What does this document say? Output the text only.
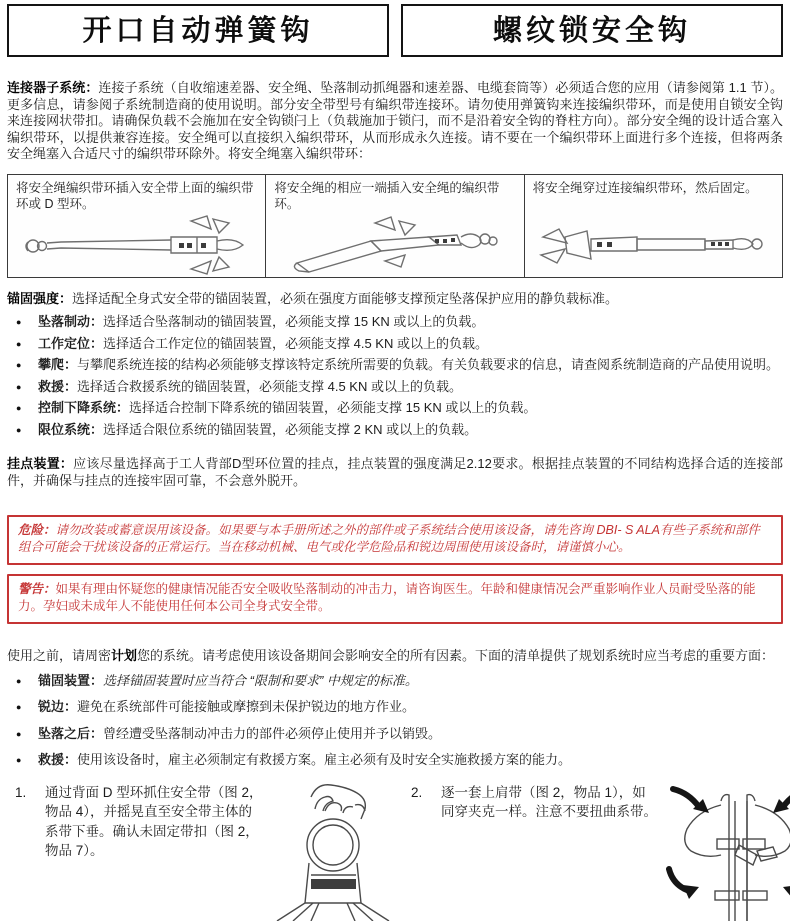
开口自动弹簧钩	螺纹锁安全钩

连接器子系统：连接子系统（自收缩速差器、安全绳、坠落制动抓绳器和速差器、电缆套筒等）必须适合您的应用（请参阅第 1.1 节）。更多信息，请参阅子系统制造商的使用说明。部分安全带型号有编织带连接环。请勿使用弹簧钩来连接编织带环，而是使用自锁安全钩来连接网状带扣。请确保负载不会施加在安全钩锁闩上（负载施加于锁闩，而不是沿着安全钩的脊柱方向）。部分安全绳的设计适合塞入编织带环，以提供兼容连接。安全绳可以直接织入编织带环，从而形成永久连接。请不要在一个编织带环上面进行多个连接，但将两条安全绳塞入合适尺寸的编织带环除外。将安全绳塞入编织带环：

将安全绳编织带环插入安全带上面的编织带环或 D 型环。
将安全绳的相应一端插入安全绳的编织带环。
将安全绳穿过连接编织带环，然后固定。

锚固强度：选择适配全身式安全带的锚固装置，必须在强度方面能够支撑预定坠落保护应用的静负载标准。

●	坠落制动：选择适合坠落制动的锚固装置，必须能支撑 15 KN 或以上的负载。
●	工作定位：选择适合工作定位的锚固装置，必须能支撑 4.5 KN 或以上的负载。
●	攀爬：与攀爬系统连接的结构必须能够支撑该特定系统所需要的负载。有关负载要求的信息，请查阅系统制造商的产品使用说明。
●	救援：选择适合救援系统的锚固装置，必须能支撑 4.5 KN 或以上的负载。
●	控制下降系统：选择适合控制下降系统的锚固装置，必须能支撑 15 KN 或以上的负载。
●	限位系统：选择适合限位系统的锚固装置，必须能支撑 2 KN 或以上的负载。

挂点装置：应该尽量选择高于工人背部D型环位置的挂点，挂点装置的强度满足2.12要求。根据挂点装置的不同结构选择合适的连接部件，并确保与挂点的连接牢固可靠，不会意外脱开。

危险：请勿改装或蓄意误用该设备。如果要与本手册所述之外的部件或子系统结合使用该设备，请先咨询 DBI- S ALA有些子系统和部件组合可能会干扰该设备的正常运行。当在移动机械、电气或化学危险品和锐边周围使用该设备时，请谨慎小心。
警告：如果有理由怀疑您的健康情况能否安全吸收坠落制动的冲击力，请咨询医生。年龄和健康情况会严重影响作业人员耐受坠落的能力。孕妇或未成年人不能使用任何本公司全身式安全带。

使用之前，请周密计划您的系统。请考虑使用该设备期间会影响安全的所有因素。下面的清单提供了规划系统时应当考虑的重要方面：

●	锚固装置：选择锚固装置时应当符合 “限制和要求” 中规定的标准。
●	锐边：避免在系统部件可能接触或摩擦到未保护锐边的地方作业。
●	坠落之后：曾经遭受坠落制动冲击力的部件必须停止使用并予以销毁。
●	救援：使用该设备时，雇主必须制定有救援方案。雇主必须有及时安全实施救援方案的能力。
1.	通过背面 D 型环抓住安全带（图 2，物品 4），并摇晃直至安全带主体的系带下垂。确认未固定带扣（图 2，物品 7）。
2.	逐一套上肩带（图 2，物品 1），如同穿夹克一样。注意不要扭曲系带。
